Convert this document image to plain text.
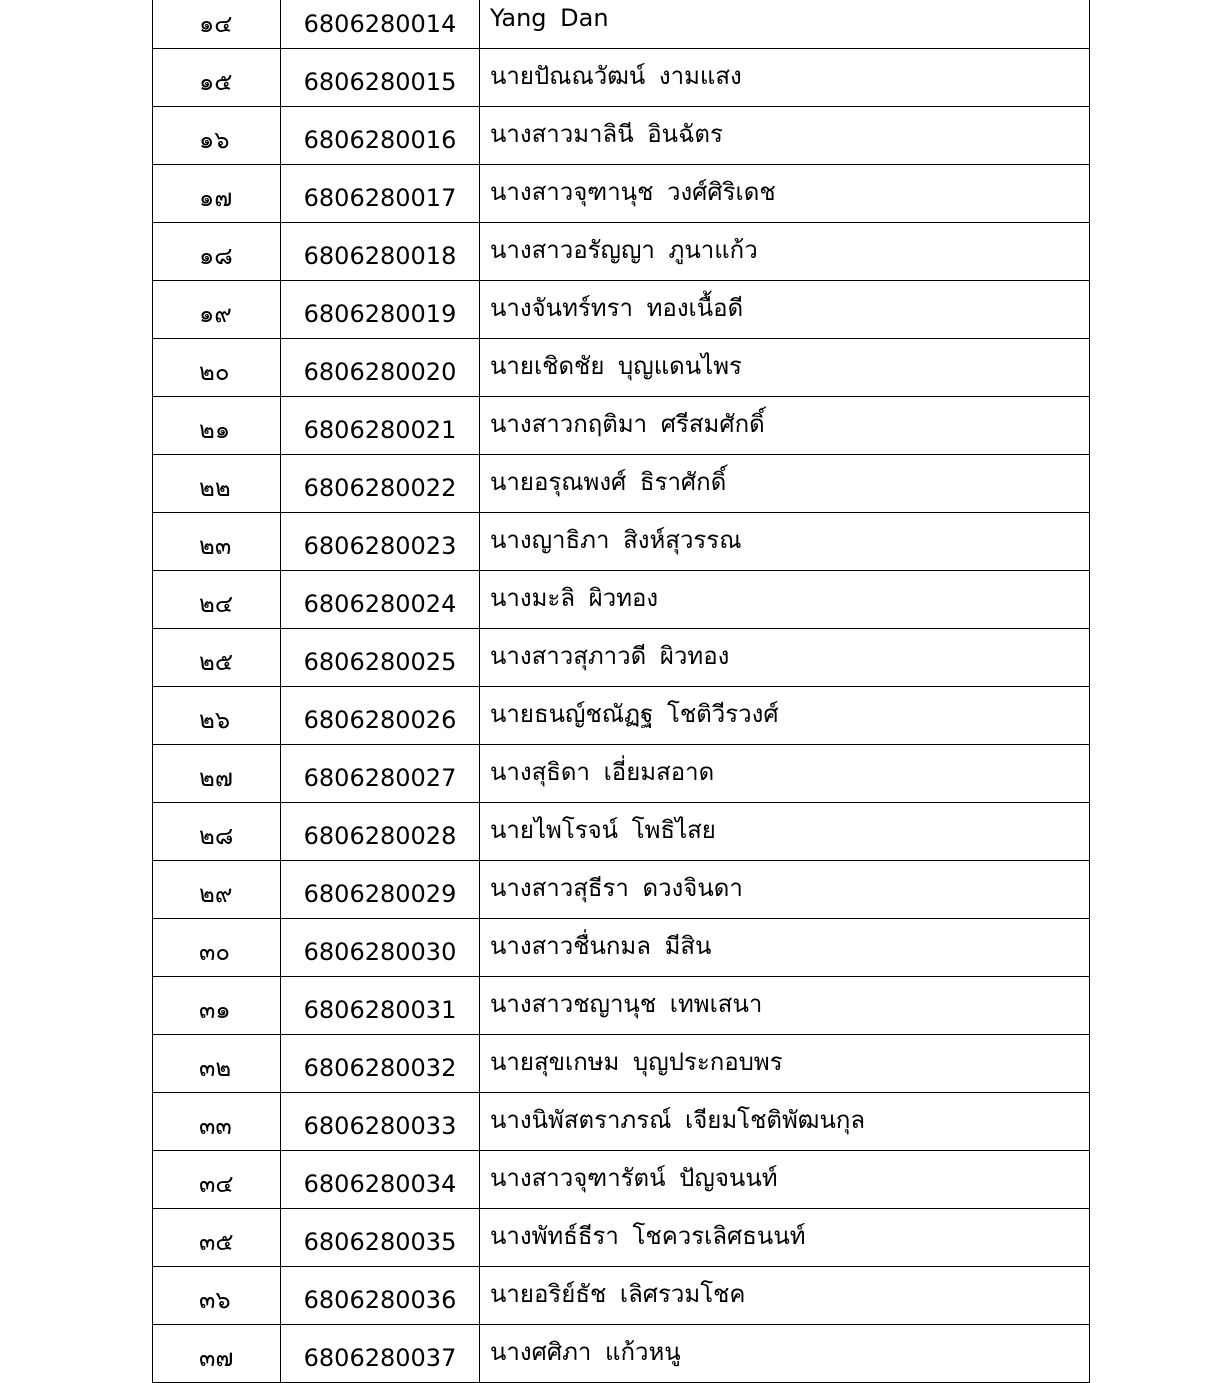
๑๔	6806280014	Yang Dan
๑๕	6806280015	นายปัณณวัฒน์ งามแสง
๑๖	6806280016	นางสาวมาลินี อินฉัตร
๑๗	6806280017	นางสาวจุฑานุช วงศ์ศิริเดช
๑๘	6806280018	นางสาวอรัญญา ภูนาแก้ว
๑๙	6806280019	นางจันทร์ทรา ทองเนื้อดี
๒๐	6806280020	นายเชิดชัย บุญแดนไพร
๒๑	6806280021	นางสาวกฤติมา ศรีสมศักดิ์
๒๒	6806280022	นายอรุณพงศ์ ธิราศักดิ์
๒๓	6806280023	นางญาธิภา สิงห์สุวรรณ
๒๔	6806280024	นางมะลิ ผิวทอง
๒๕	6806280025	นางสาวสุภาวดี ผิวทอง
๒๖	6806280026	นายธนญ์ชณัฏฐ โชติวีรวงศ์
๒๗	6806280027	นางสุธิดา เอี่ยมสอาด
๒๘	6806280028	นายไพโรจน์ โพธิไสย
๒๙	6806280029	นางสาวสุธีรา ดวงจินดา
๓๐	6806280030	นางสาวชื่นกมล มีสิน
๓๑	6806280031	นางสาวชญานุช เทพเสนา
๓๒	6806280032	นายสุขเกษม บุญประกอบพร
๓๓	6806280033	นางนิพัสตราภรณ์ เจียมโชติพัฒนกุล
๓๔	6806280034	นางสาวจุฑารัตน์ ปัญจนนท์
๓๕	6806280035	นางพัทธ์ธีรา โชควรเลิศธนนท์
๓๖	6806280036	นายอริย์ธัช เลิศรวมโชค
๓๗	6806280037	นางศศิภา แก้วหนู
